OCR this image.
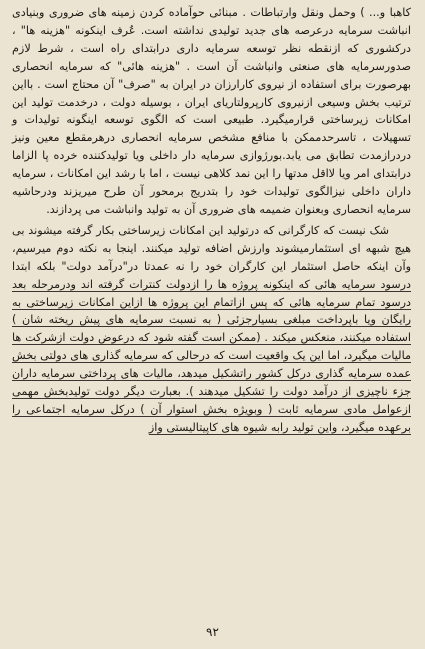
کاهبا و... ) وحمل ونقل وارتباطات . مبنائی حوآماده کردن زمینه های ضروری وبنیادی انباشت سرمایه درعرصه های جدید تولیدی نداشته است. عُرف اینکونه "هزینه ها" ، درکشوری که ازنقطه نظر توسعه سرمایه داری درابتدای راه است ، شرط لازم صدورسرمایه های صنعتی وانباشت آن است . "هزینه هائی" که سرمایه انحصاری بهرصورت برای استفاده از نیروی کارارزان در ایران به "صرف" آن محتاج است . بااین ترتیب بخش وسیعی ازنیروی کارپرولتاریای ایران ، بوسیله دولت ، درخدمت تولید این امکانات زیرساختی قرارمیگیرد. طبیعی است که الگوی توسعه اینگونه تولیدات و تسهیلات ، تاسرحدممکن با منافع مشخص سرمایه انحصاری درهرمقطع معین ونیز دردرازمدت تطابق می یابد.بورژوازی سرمایه دار داخلی ویا تولیدکننده خرده پا الزاما درابتدای امر ویا لااقل مدتها را این نمد کلاهی نیست ، اما با رشد این امکانات ، سرمایه داران داخلی نیزالگوی تولیدات خود را بتدریج برمحور آن طرح میریزند ودرحاشیه سرمایه انحصاری وبعنوان ضمیمه های ضروری آن به تولید وانباشت می پردازند.

شک نیست که کارگرانی که درتولید این امکانات زیرساختی بکار گرفته میشوند بی هیچ شبهه ای استثمارمیشوند وارزش اضافه تولید میکنند. اینجا به نکته دوم میرسیم، وآن اینکه حاصل استثمار این کارگران خود را نه عمدتا در"درآمد دولت" بلکه ابتدا درسود سرمایه هائی که اینکونه پروژه ها را ازدولت کنترات گرفته اند ودرمرحله بعد درسود تمام سرمایه هائی که پس ازاتمام این پروژه ها ازاین امکانات زیرساختی به رایگان ویا باپرداخت مبلغی بسیارجزئی ( به نسبت سرمایه های پیش ریخته شان ) استفاده میکنند، منعکس میکند . (ممکن است گفته شود که درعوض دولت ازشرکت ها مالیات میگیرد، اما این یک واقعیت است که درحالی که سرمایه گذاری های دولتی بخش عمده سرمایه گذاری درکل کشور راتشکیل میدهد، مالیات های پرداختی سرمایه داران جزء ناچیزی از درآمد دولت را تشکیل میدهند ). بعبارت دیگر دولت تولیدبخش مهمی ازعوامل مادی سرمایه ثابت ( وبویژه بخش استوار آن ) درکل سرمایه اجتماعی را برعهده میگیرد، واین تولید رابه شیوه های کاپیتالیستی واز

۹۲
